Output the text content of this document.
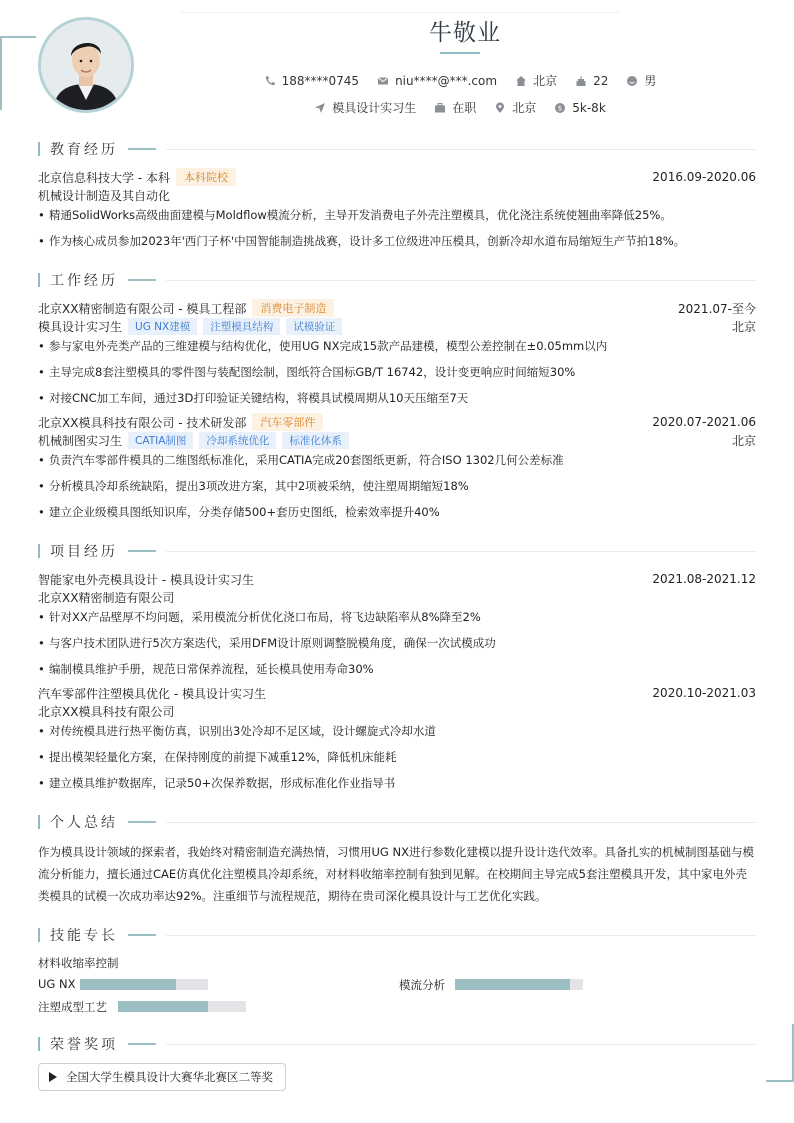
牛敬业
188****0745	niu****@***.com	北京	22	男
模具设计实习生	在职	北京	$ 5k-8k
教育经历
北京信息科技大学 - 本科	本科院校	2016.09-2020.06
机械设计制造及其自动化
• 精通SolidWorks高级曲面建模与Moldflow模流分析，主导开发消费电子外壳注塑模具，优化浇注系统使翘曲率降低25%。
• 作为核心成员参加2023年'西门子杯'中国智能制造挑战赛，设计多工位级进冲压模具，创新冷却水道布局缩短生产节拍18%。
工作经历
北京XX精密制造有限公司 - 模具工程部	消费电子制造	2021.07-至今
模具设计实习生	UG NX建模	注塑模具结构	试模验证	北京
• 参与家电外壳类产品的三维建模与结构优化，使用UG NX完成15款产品建模，模型公差控制在±0.05mm以内
• 主导完成8套注塑模具的零件图与装配图绘制，图纸符合国标GB/T 16742，设计变更响应时间缩短30%
• 对接CNC加工车间，通过3D打印验证关键结构，将模具试模周期从10天压缩至7天
北京XX模具科技有限公司 - 技术研发部	汽车零部件	2020.07-2021.06
机械制图实习生	CATIA制图	冷却系统优化	标准化体系	北京
• 负责汽车零部件模具的二维图纸标准化，采用CATIA完成20套图纸更新，符合ISO 1302几何公差标准
• 分析模具冷却系统缺陷，提出3项改进方案，其中2项被采纳，使注塑周期缩短18%
• 建立企业级模具图纸知识库，分类存储500+套历史图纸，检索效率提升40%
项目经历
智能家电外壳模具设计 - 模具设计实习生	2021.08-2021.12
北京XX精密制造有限公司
• 针对XX产品壁厚不均问题，采用模流分析优化浇口布局，将飞边缺陷率从8%降至2%
• 与客户技术团队进行5次方案迭代，采用DFM设计原则调整脱模角度，确保一次试模成功
• 编制模具维护手册，规范日常保养流程，延长模具使用寿命30%
汽车零部件注塑模具优化 - 模具设计实习生	2020.10-2021.03
北京XX模具科技有限公司
• 对传统模具进行热平衡仿真，识别出3处冷却不足区域，设计螺旋式冷却水道
• 提出模架轻量化方案，在保持刚度的前提下减重12%，降低机床能耗
• 建立模具维护数据库，记录50+次保养数据，形成标准化作业指导书
个人总结
作为模具设计领域的探索者，我始终对精密制造充满热情，习惯用UG NX进行参数化建模以提升设计迭代效率。具备扎实的机械制图基础与模流分析能力，擅长通过CAE仿真优化注塑模具冷却系统，对材料收缩率控制有独到见解。在校期间主导完成5套注塑模具开发，其中家电外壳类模具的试模一次成功率达92%。注重细节与流程规范，期待在贵司深化模具设计与工艺优化实践。
技能专长
材料收缩率控制
UG NX	模流分析
注塑成型工艺
荣誉奖项
全国大学生模具设计大赛华北赛区二等奖
